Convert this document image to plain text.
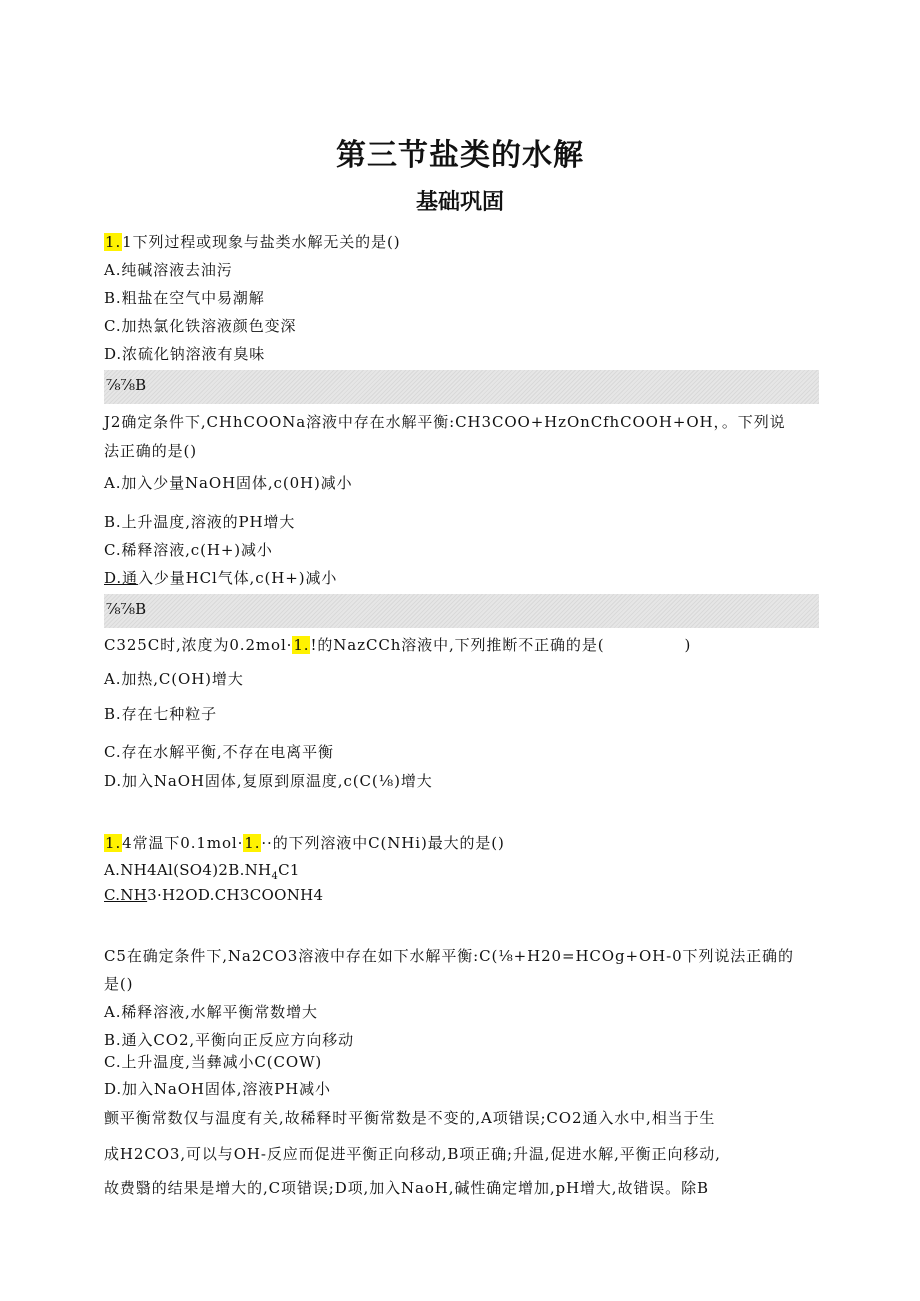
第三节盐类的水解
基础巩固
1.1下列过程或现象与盐类水解无关的是()
A.纯碱溶液去油污
B.粗盐在空气中易潮解
C.加热氯化铁溶液颜色变深
D.浓硫化钠溶液有臭味
⅞⅞B
J2确定条件下,CHhCOONa溶液中存在水解平衡:CH3COO+HzOnCfhCOOH+OH，。下列说
法正确的是()
A.加入少量NaOH固体,c(0H)减小
B.上升温度,溶液的PH增大
C.稀释溶液,c(H+)减小
D.通入少量HCl气体,c(H+)减小
⅞⅞B
C325C时,浓度为0.2mol·1.!的NazCCh溶液中,下列推断不正确的是(	)
A.加热,C(OH)增大
B.存在七种粒子
C.存在水解平衡,不存在电离平衡
D.加入NaOH固体,复原到原温度,c(C(⅛)增大
1.4常温下0.1mol·1.··的下列溶液中C(NHi)最大的是()
$A.NH4Al(SO4)2B.NH_4C1$
C.NH3·H2OD.CH3COONH4
C5在确定条件下,Na2CO3溶液中存在如下水解平衡:C(⅛+H20=HCOg+OH-0下列说法正确的
是()
A.稀释溶液,水解平衡常数增大
B.通入CO2,平衡向正反应方向移动
C.上升温度,当彝减小C(COW)
D.加入NaOH固体,溶液PH减小
颤平衡常数仅与温度有关,故稀释时平衡常数是不变的,A项错误;CO2通入水中,相当于生
成H2CO3,可以与OH-反应而促进平衡正向移动,B项正确;升温,促进水解,平衡正向移动,
故费翳的结果是增大的,C项错误;D项,加入NaoH,碱性确定增加,pH增大,故错误。除B
